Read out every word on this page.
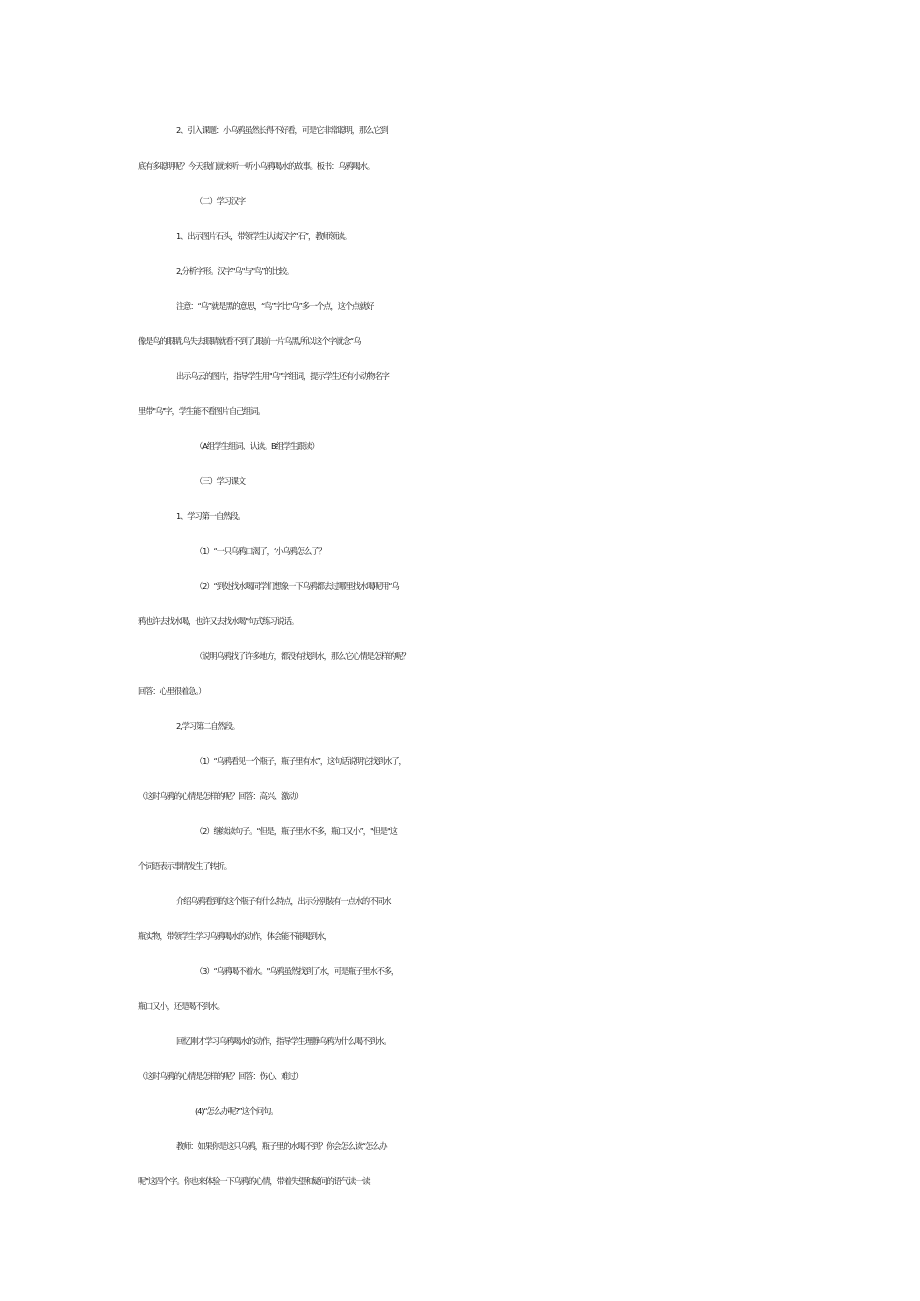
2、引入课题：小乌鸦虽然长得不好看，可是它非常聪明，那么它到
底有多聪明呢？今天我们就来听一听小乌鸦喝水的故事。板书：乌鸦喝水。
（二）学习汉字
1、出示图片石头，带领学生认读汉字“石”，教师领读。
2,分析字形。汉字"乌"与"鸟”的比较。
注意：“乌”就是黑的意思，“鸟”字比"乌”多一个点，这个点就好
像是鸟的眼睛,鸟失去眼睛就看不到了,眼前一片乌黑,所以这个字就念“乌
出示乌云的图片，指导学生用"乌"字组词，提示学生还有小动物名字
里带"乌''字，学生能不看图片自己组词。
（A组学生组词、认读。B组学生跟读）
（三）学习课文
1、学习第一自然段。
（1）“一只乌鸦口渴了，‘小乌鸦怎么了？
（2）“到处找水喝同学们想象一下乌鸦都去过哪里找水喝呢用“乌
鸦也许去找水喝，也许又去找水喝"句式练习说话。
（说明乌鸦找了许多地方，都没有找到水，那么它心情是怎样的呢？
回答：心里很着急。）
2,学习第二自然段。
（1）“乌鸦看见一个瓶子，瓶子里有水”，这句话说明它找到水了，
（这时乌鸦的心情是怎样的呢？回答：高兴、激动）
（2）继续读句子。“但是，瓶子里水不多，瓶口又小”，"但是"这
个词语表示事情发生了转折。
介绍乌鸦看到的这个瓶子有什么特点，出示分别装有一点水的不同水
瓶实物，带领学生学习乌鸦喝水的动作，体会能不能喝到水，
（3）“乌鸦喝不着水。"乌鸦虽然找到了水，可是瓶子里水不多，
瓶口又小，还是喝不到水。
回忆刚才学习乌鸦喝水的动作，指导学生理静乌鸦为什么喝不到水。
（这时乌鸦的心情是怎样的呢？回答：伤心、难过）
(4)“怎么办呢?”这个问句。
教师：如果你是这只乌鸦，瓶子里的水喝不到？你会怎么读“怎么办
呢"这四个字。你也来体验一下乌鸦的心情，带着失望和疑问的语气读一读
